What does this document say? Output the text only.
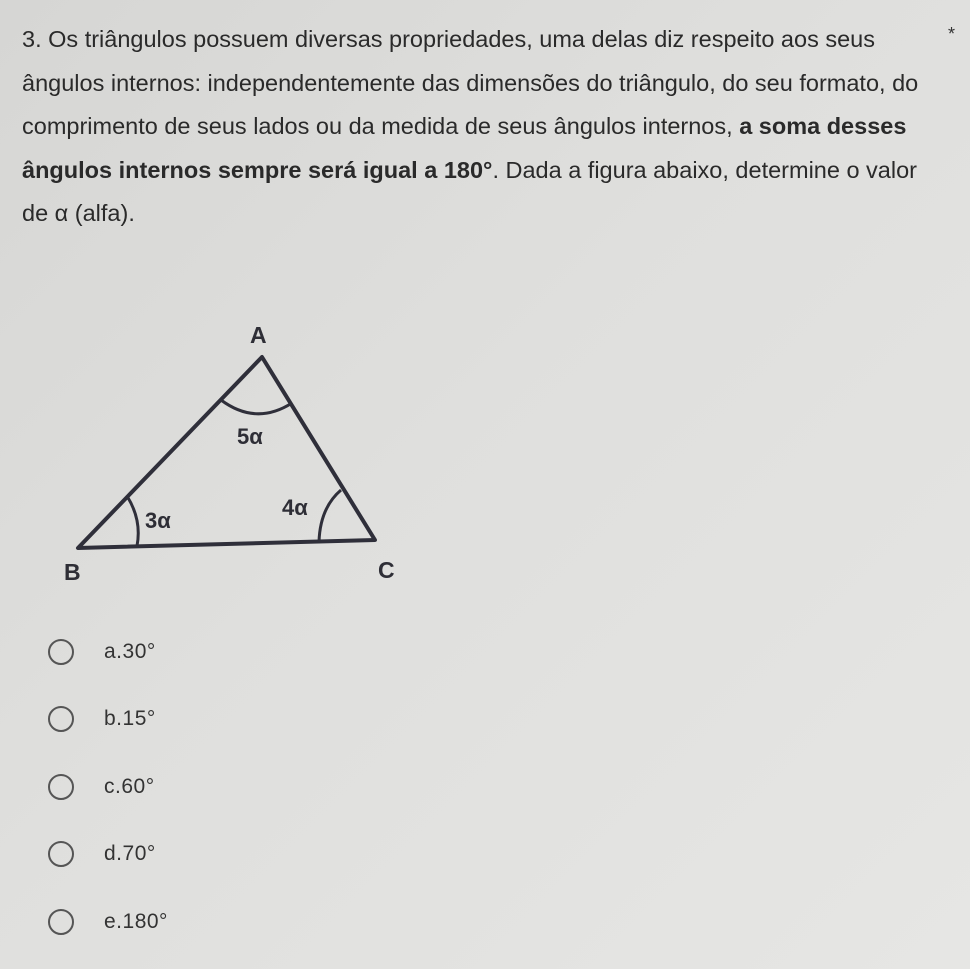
3. Os triângulos possuem diversas propriedades, uma delas diz respeito aos seus ângulos internos: independentemente das dimensões do triângulo, do seu formato, do comprimento de seus lados ou da medida de seus ângulos internos, a soma desses ângulos internos sempre será igual a 180°. Dada a figura abaixo, determine o valor de α (alfa).

*
A
B	C
5α
3α
4α
a.30°
b.15°
c.60°
d.70°
e.180°
